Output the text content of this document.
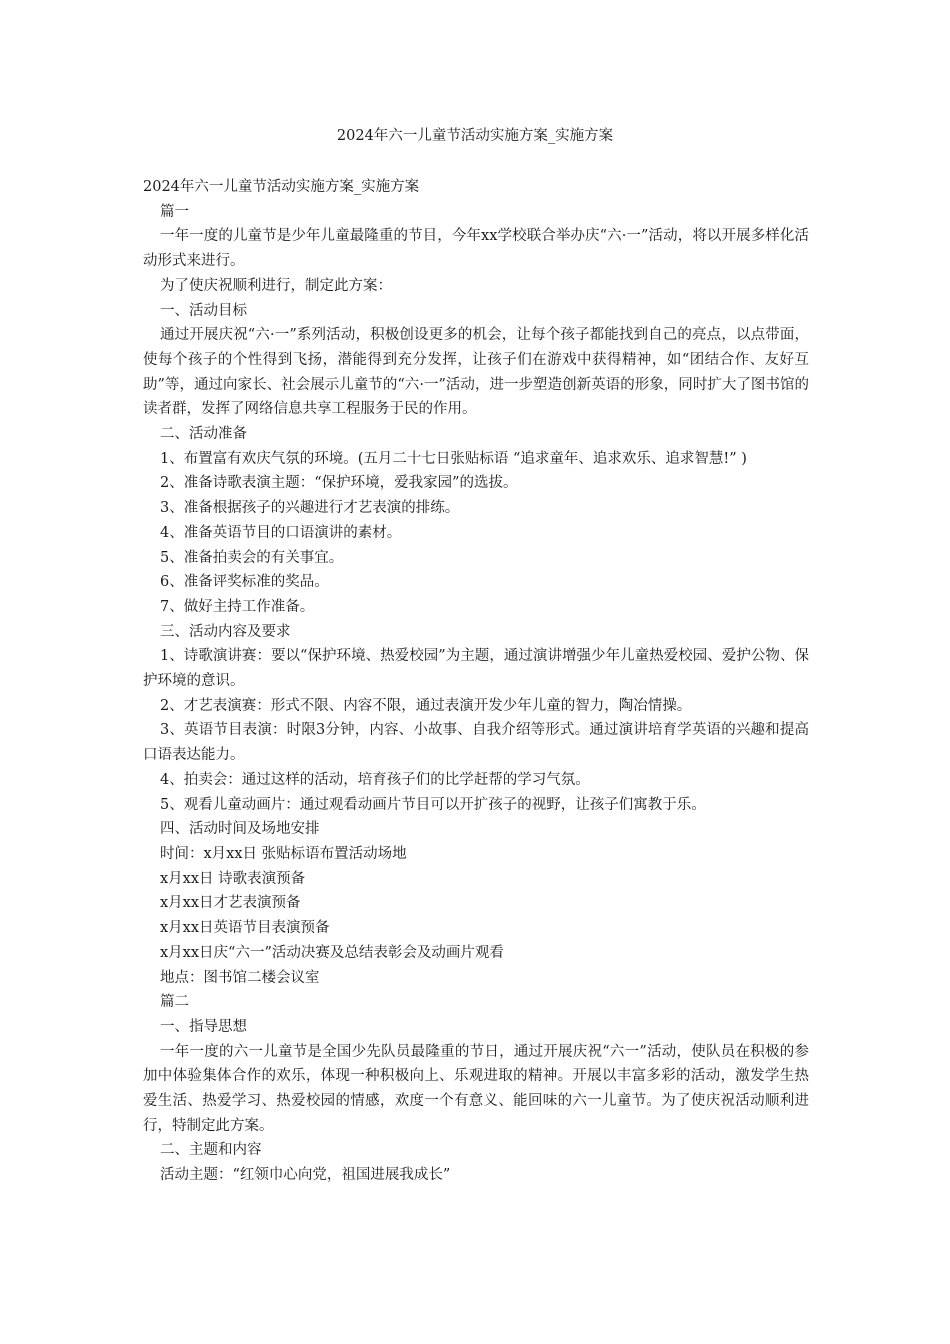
2024年六一儿童节活动实施方案_实施方案

2024年六一儿童节活动实施方案_实施方案

篇一

一年一度的儿童节是少年儿童最隆重的节目，今年xx学校联合举办庆“六·一”活动，将以开展多样化活动形式来进行。

为了使庆祝顺利进行，制定此方案：

一、活动目标

通过开展庆祝“六·一”系列活动，积极创设更多的机会，让每个孩子都能找到自己的亮点，以点带面，使每个孩子的个性得到飞扬，潜能得到充分发挥，让孩子们在游戏中获得精神，如“团结合作、友好互助”等，通过向家长、社会展示儿童节的“六·一”活动，进一步塑造创新英语的形象，同时扩大了图书馆的读者群，发挥了网络信息共享工程服务于民的作用。

二、活动准备

1、布置富有欢庆气氛的环境。(五月二十七日张贴标语 “追求童年、追求欢乐、追求智慧!” )

2、准备诗歌表演主题：“保护环境，爱我家园”的选拔。

3、准备根据孩子的兴趣进行才艺表演的排练。

4、准备英语节目的口语演讲的素材。

5、准备拍卖会的有关事宜。

6、准备评奖标准的奖品。

7、做好主持工作准备。

三、活动内容及要求

1、诗歌演讲赛：要以“保护环境、热爱校园”为主题，通过演讲增强少年儿童热爱校园、爱护公物、保护环境的意识。

2、才艺表演赛：形式不限、内容不限，通过表演开发少年儿童的智力，陶冶情操。

3、英语节目表演：时限3分钟，内容、小故事、自我介绍等形式。通过演讲培育学英语的兴趣和提高口语表达能力。

4、拍卖会：通过这样的活动，培育孩子们的比学赶帮的学习气氛。

5、观看儿童动画片：通过观看动画片节目可以开扩孩子的视野，让孩子们寓教于乐。

四、活动时间及场地安排

时间：x月xx日 张贴标语布置活动场地

x月xx日 诗歌表演预备

x月xx日才艺表演预备

x月xx日英语节目表演预备

x月xx日庆“六一”活动决赛及总结表彰会及动画片观看

地点：图书馆二楼会议室

篇二

一、指导思想

一年一度的六一儿童节是全国少先队员最隆重的节日，通过开展庆祝“六一”活动，使队员在积极的参加中体验集体合作的欢乐，体现一种积极向上、乐观进取的精神。开展以丰富多彩的活动，激发学生热爱生活、热爱学习、热爱校园的情感，欢度一个有意义、能回味的六一儿童节。为了使庆祝活动顺利进行，特制定此方案。

二、主题和内容

活动主题：“红领巾心向党，祖国进展我成长”
